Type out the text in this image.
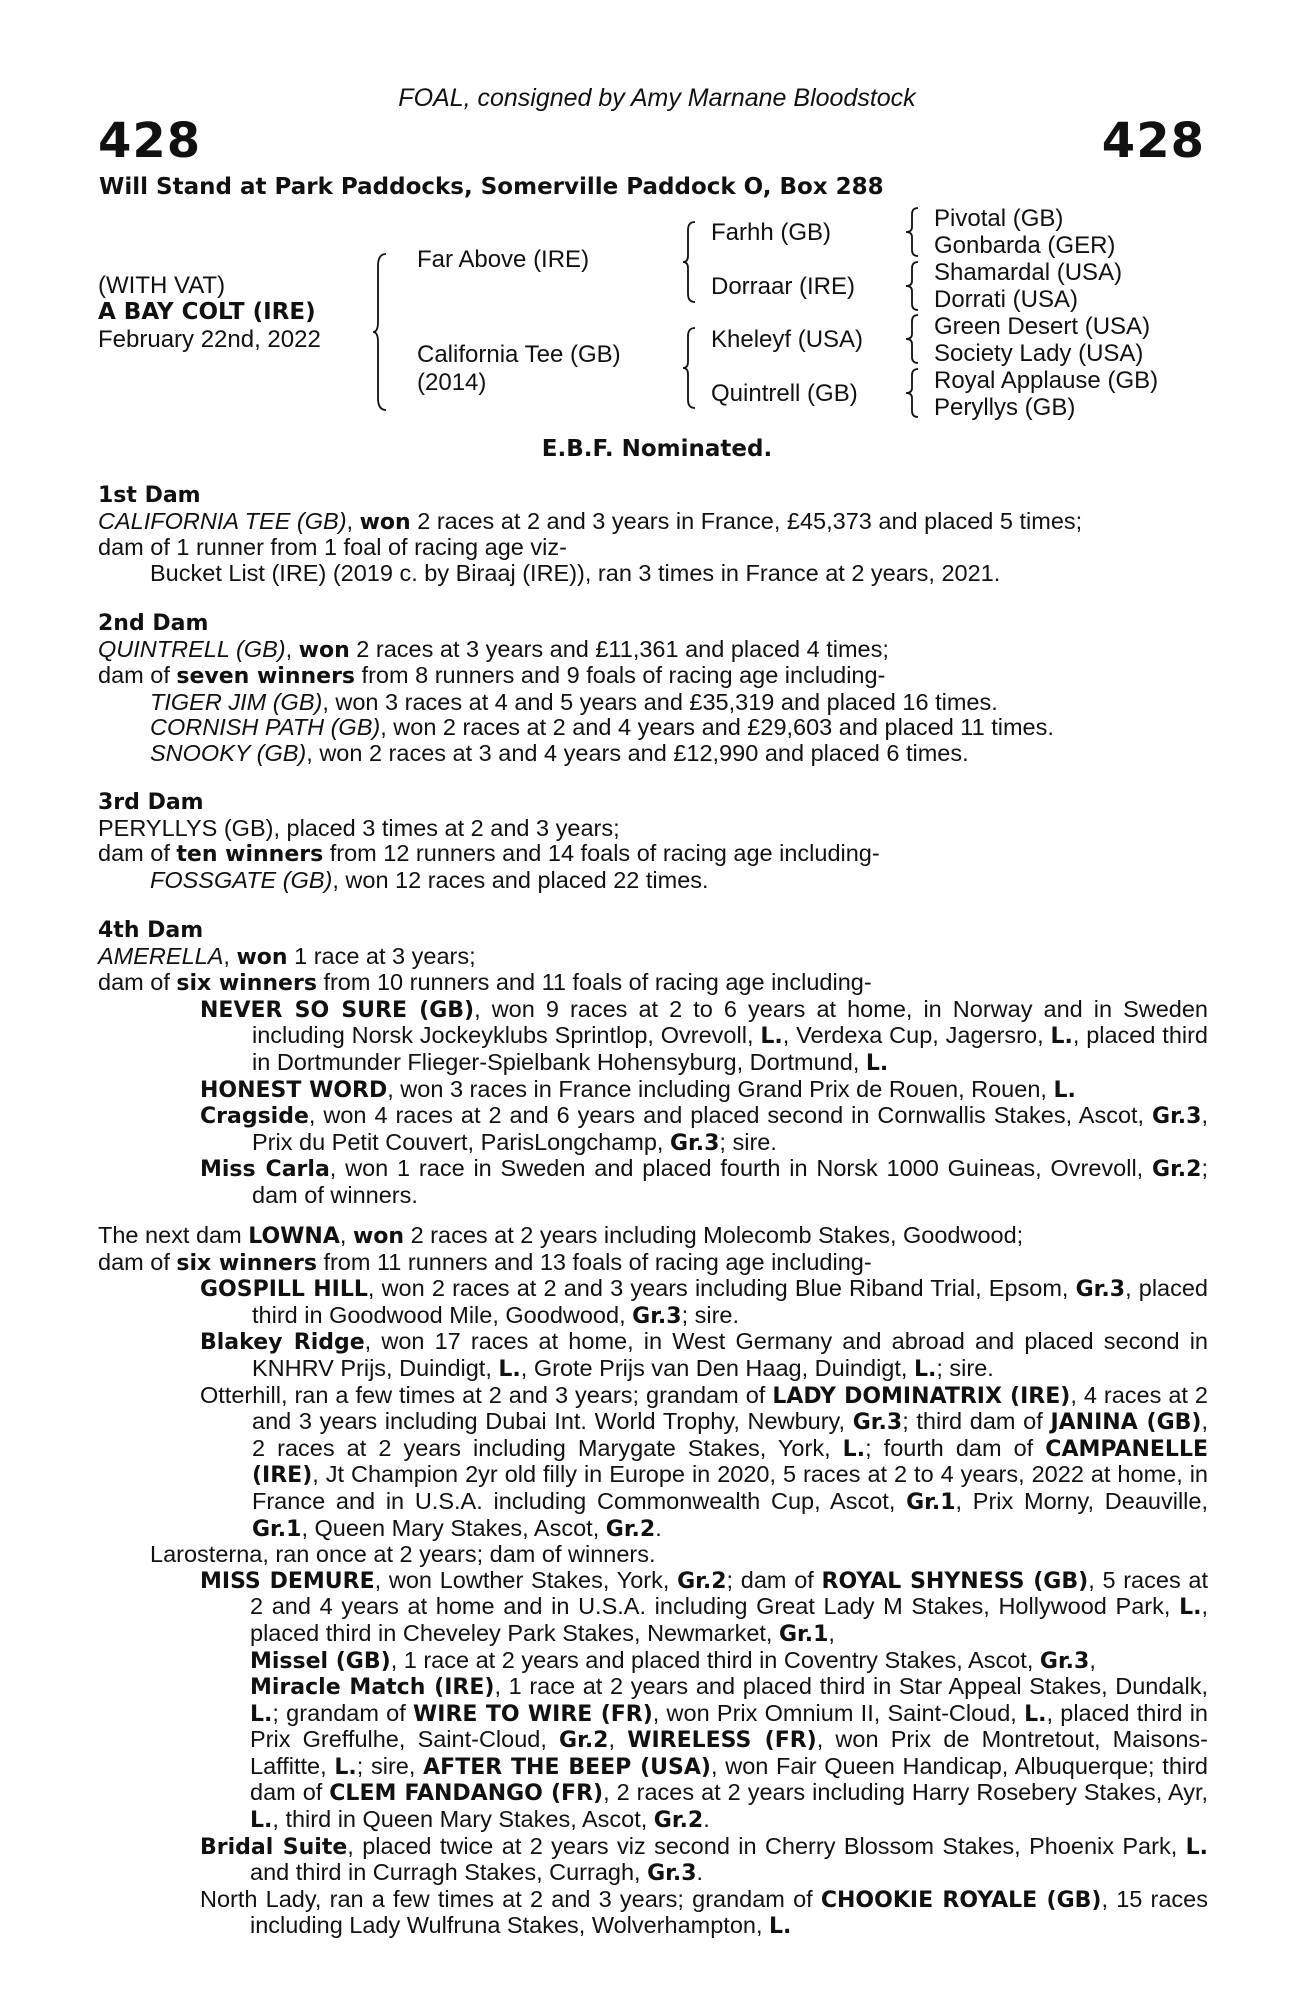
FOAL, consigned by Amy Marnane Bloodstock
428	428
Will Stand at Park Paddocks, Somerville Paddock O, Box 288
(WITH VAT)
A BAY COLT (IRE)
February 22nd, 2022
Far Above (IRE)
California Tee (GB)
(2014)
Farhh (GB)
Dorraar (IRE)
Kheleyf (USA)
Quintrell (GB)
Pivotal (GB)
Gonbarda (GER)
Shamardal (USA)
Dorrati (USA)
Green Desert (USA)
Society Lady (USA)
Royal Applause (GB)
Peryllys (GB)
E.B.F. Nominated.
1st Dam
CALIFORNIA TEE (GB), won 2 races at 2 and 3 years in France, £45,373 and placed 5 times;
dam of 1 runner from 1 foal of racing age viz-
Bucket List (IRE) (2019 c. by Biraaj (IRE)), ran 3 times in France at 2 years, 2021.
2nd Dam
QUINTRELL (GB), won 2 races at 3 years and £11,361 and placed 4 times;
dam of seven winners from 8 runners and 9 foals of racing age including-
TIGER JIM (GB), won 3 races at 4 and 5 years and £35,319 and placed 16 times.
CORNISH PATH (GB), won 2 races at 2 and 4 years and £29,603 and placed 11 times.
SNOOKY (GB), won 2 races at 3 and 4 years and £12,990 and placed 6 times.
3rd Dam
PERYLLYS (GB), placed 3 times at 2 and 3 years;
dam of ten winners from 12 runners and 14 foals of racing age including-
FOSSGATE (GB), won 12 races and placed 22 times.
4th Dam
AMERELLA, won 1 race at 3 years;
dam of six winners from 10 runners and 11 foals of racing age including-
NEVER SO SURE (GB), won 9 races at 2 to 6 years at home, in Norway and in Sweden including Norsk Jockeyklubs Sprintlop, Ovrevoll, L., Verdexa Cup, Jagersro, L., placed third in Dortmunder Flieger-Spielbank Hohensyburg, Dortmund, L.
HONEST WORD, won 3 races in France including Grand Prix de Rouen, Rouen, L.
Cragside, won 4 races at 2 and 6 years and placed second in Cornwallis Stakes, Ascot, Gr.3, Prix du Petit Couvert, ParisLongchamp, Gr.3; sire.
Miss Carla, won 1 race in Sweden and placed fourth in Norsk 1000 Guineas, Ovrevoll, Gr.2; dam of winners.
The next dam LOWNA, won 2 races at 2 years including Molecomb Stakes, Goodwood;
dam of six winners from 11 runners and 13 foals of racing age including-
GOSPILL HILL, won 2 races at 2 and 3 years including Blue Riband Trial, Epsom, Gr.3, placed third in Goodwood Mile, Goodwood, Gr.3; sire.
Blakey Ridge, won 17 races at home, in West Germany and abroad and placed second in KNHRV Prijs, Duindigt, L., Grote Prijs van Den Haag, Duindigt, L.; sire.
Otterhill, ran a few times at 2 and 3 years; grandam of LADY DOMINATRIX (IRE), 4 races at 2 and 3 years including Dubai Int. World Trophy, Newbury, Gr.3; third dam of JANINA (GB), 2 races at 2 years including Marygate Stakes, York, L.; fourth dam of CAMPANELLE (IRE), Jt Champion 2yr old filly in Europe in 2020, 5 races at 2 to 4 years, 2022 at home, in France and in U.S.A. including Commonwealth Cup, Ascot, Gr.1, Prix Morny, Deauville, Gr.1, Queen Mary Stakes, Ascot, Gr.2.
Larosterna, ran once at 2 years; dam of winners.
MISS DEMURE, won Lowther Stakes, York, Gr.2; dam of ROYAL SHYNESS (GB), 5 races at 2 and 4 years at home and in U.S.A. including Great Lady M Stakes, Hollywood Park, L., placed third in Cheveley Park Stakes, Newmarket, Gr.1,
Missel (GB), 1 race at 2 years and placed third in Coventry Stakes, Ascot, Gr.3,
Miracle Match (IRE), 1 race at 2 years and placed third in Star Appeal Stakes, Dundalk, L.; grandam of WIRE TO WIRE (FR), won Prix Omnium II, Saint-Cloud, L., placed third in Prix Greffulhe, Saint-Cloud, Gr.2, WIRELESS (FR), won Prix de Montretout, Maisons-Laffitte, L.; sire, AFTER THE BEEP (USA), won Fair Queen Handicap, Albuquerque; third dam of CLEM FANDANGO (FR), 2 races at 2 years including Harry Rosebery Stakes, Ayr, L., third in Queen Mary Stakes, Ascot, Gr.2.
Bridal Suite, placed twice at 2 years viz second in Cherry Blossom Stakes, Phoenix Park, L. and third in Curragh Stakes, Curragh, Gr.3.
North Lady, ran a few times at 2 and 3 years; grandam of CHOOKIE ROYALE (GB), 15 races including Lady Wulfruna Stakes, Wolverhampton, L.
